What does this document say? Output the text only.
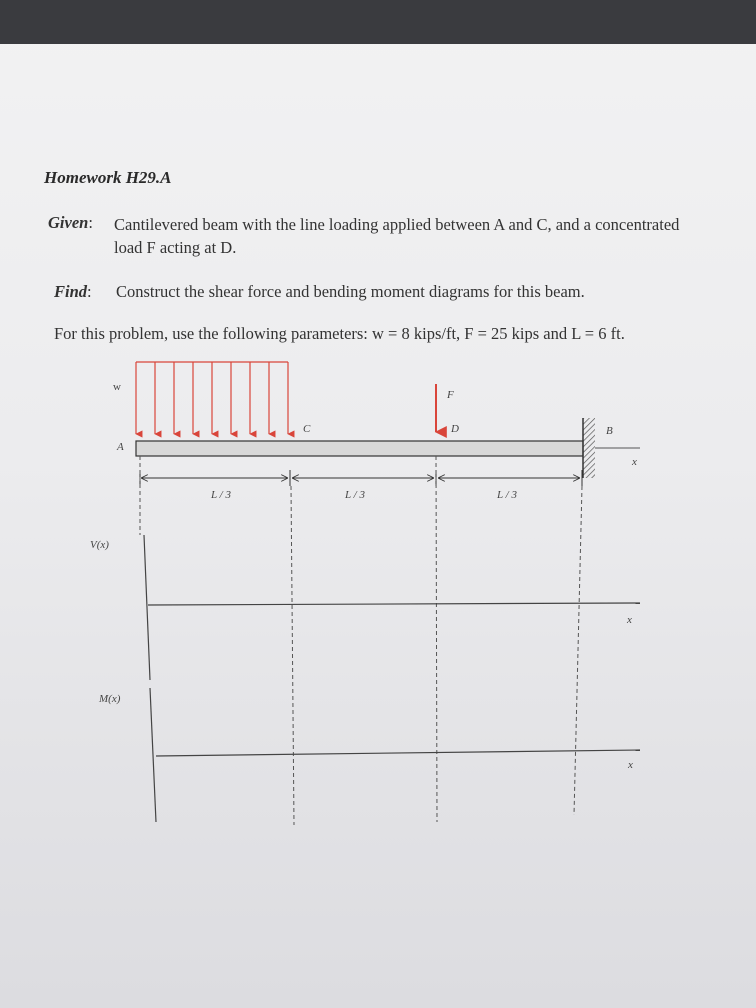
Homework H29.A
Given: Cantilevered beam with the line loading applied between A and C, and a concentrated load F acting at D.
Find: Construct the shear force and bending moment diagrams for this beam.
For this problem, use the following parameters: w = 8 kips/ft, F = 25 kips and L = 6 ft.
w
A
C	D
F
B
x
L / 3	L / 3	L / 3
V(x)
x
M(x)
x
